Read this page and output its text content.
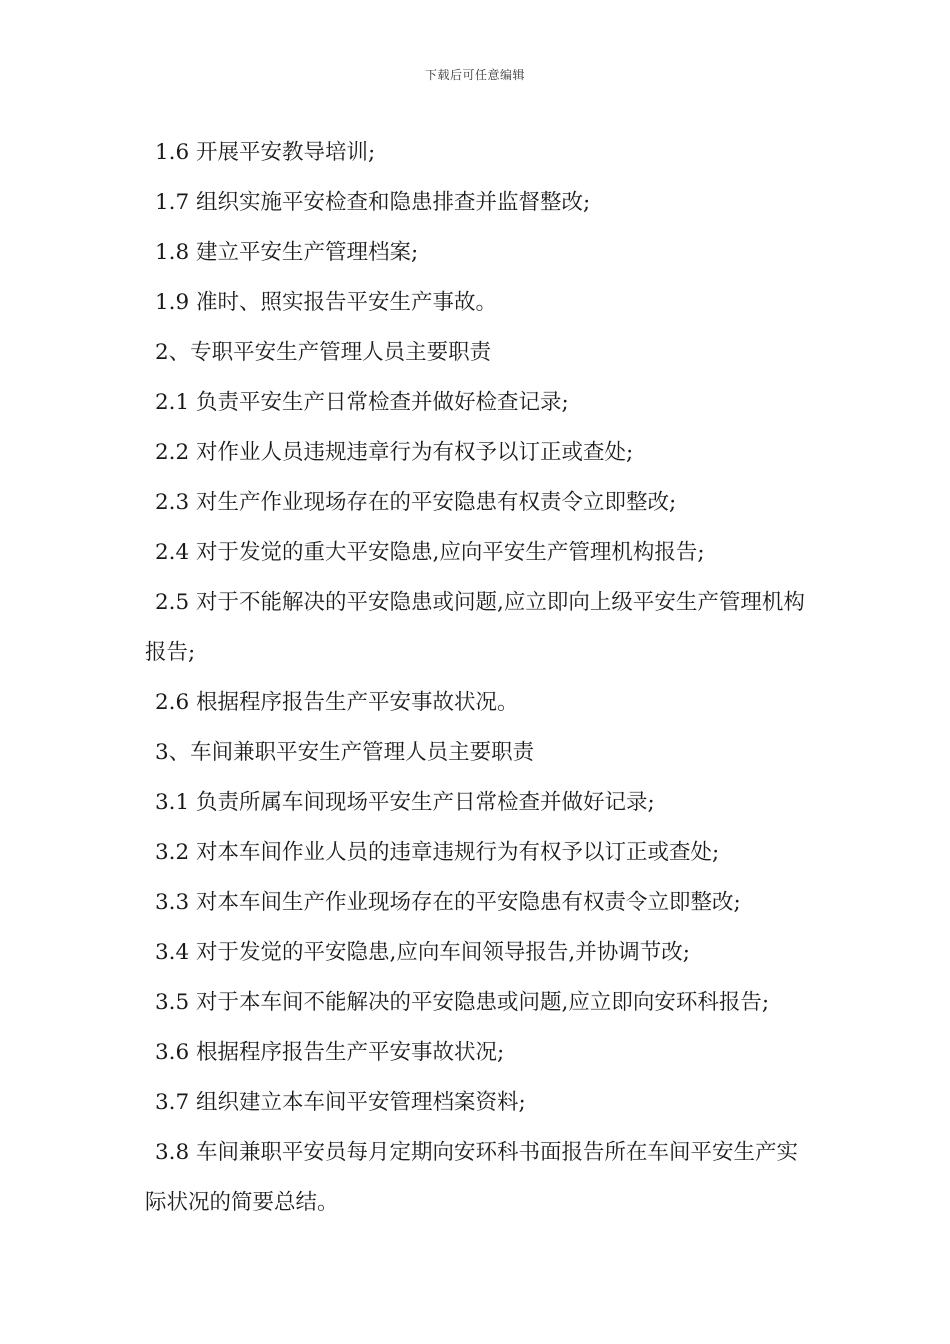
下载后可任意编辑

1.6 开展平安教导培训;

1.7 组织实施平安检查和隐患排查并监督整改;

1.8 建立平安生产管理档案;

1.9 准时、照实报告平安生产事故。

2、专职平安生产管理人员主要职责

2.1 负责平安生产日常检查并做好检查记录;

2.2 对作业人员违规违章行为有权予以订正或查处;

2.3 对生产作业现场存在的平安隐患有权责令立即整改;

2.4 对于发觉的重大平安隐患,应向平安生产管理机构报告;

2.5 对于不能解决的平安隐患或问题,应立即向上级平安生产管理机构报告;

2.6 根据程序报告生产平安事故状况。

3、车间兼职平安生产管理人员主要职责

3.1 负责所属车间现场平安生产日常检查并做好记录;

3.2 对本车间作业人员的违章违规行为有权予以订正或查处;

3.3 对本车间生产作业现场存在的平安隐患有权责令立即整改;

3.4 对于发觉的平安隐患,应向车间领导报告,并协调节改;

3.5 对于本车间不能解决的平安隐患或问题,应立即向安环科报告;

3.6 根据程序报告生产平安事故状况;

3.7 组织建立本车间平安管理档案资料;

3.8 车间兼职平安员每月定期向安环科书面报告所在车间平安生产实际状况的简要总结。
